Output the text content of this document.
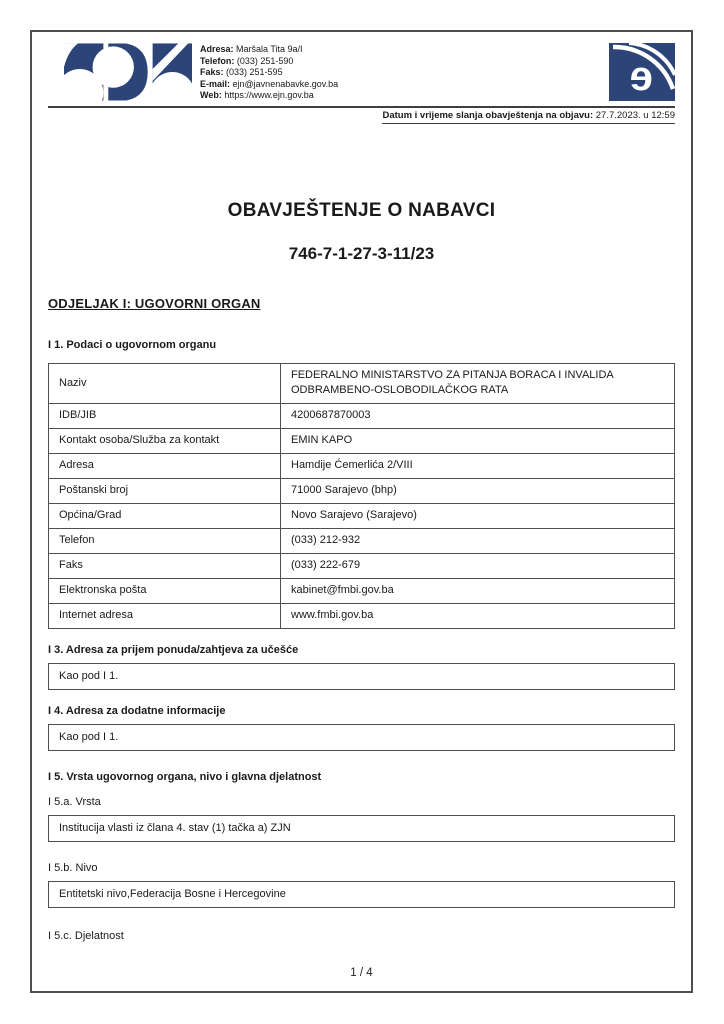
Adresa: Maršala Tita 9a/I
Telefon: (033) 251-590
Faks: (033) 251-595
E-mail: ejn@javnenabavke.gov.ba
Web: https://www.ejn.gov.ba	e
Datum i vrijeme slanja obavještenja na objavu: 27.7.2023. u 12:59
OBAVJEŠTENJE O NABAVCI
746-7-1-27-3-11/23
ODJELJAK I: UGOVORNI ORGAN
I 1. Podaci o ugovornom organu
Naziv	FEDERALNO MINISTARSTVO ZA PITANJA BORACA I INVALIDA ODBRAMBENO-OSLOBODILAČKOG RATA
IDB/JIB	4200687870003
Kontakt osoba/Služba za kontakt	EMIN KAPO
Adresa	Hamdije Ćemerlića 2/VIII
Poštanski broj	71000 Sarajevo (bhp)
Općina/Grad	Novo Sarajevo (Sarajevo)
Telefon	(033) 212-932
Faks	(033) 222-679
Elektronska pošta	kabinet@fmbi.gov.ba
Internet adresa	www.fmbi.gov.ba
I 3. Adresa za prijem ponuda/zahtjeva za učešće
Kao pod I 1.
I 4. Adresa za dodatne informacije
Kao pod I 1.
I 5. Vrsta ugovornog organa, nivo i glavna djelatnost
I 5.a. Vrsta
Institucija vlasti iz člana 4. stav (1) tačka a) ZJN
I 5.b. Nivo
Entitetski nivo,Federacija Bosne i Hercegovine
I 5.c. Djelatnost
1 / 4
